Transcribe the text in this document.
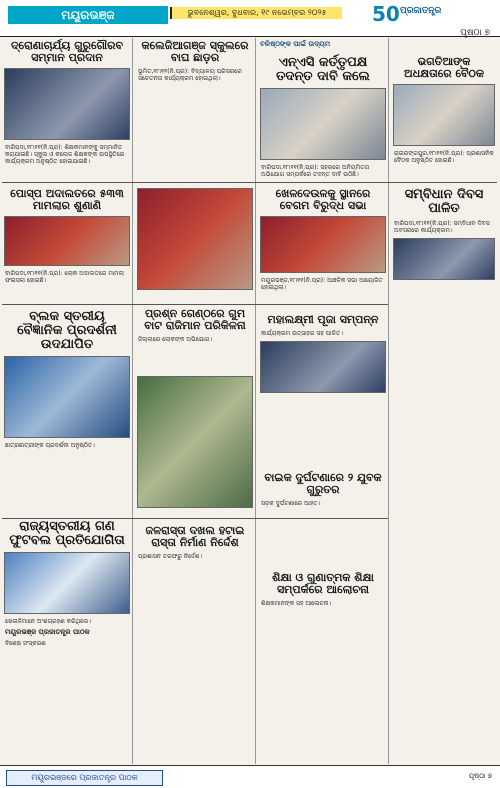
ମୟୂରଭଞ୍ଜ	ଭୁବନେଶ୍ୱର, ବୁଧବାର, ୧୯ ନଭେମ୍ବର ୨୦୨୫	50 ପ୍ରଜାତନ୍ତ୍ର
ପୃଷ୍ଠା ୭
ବରିଷ୍ଠଙ୍କ ପାଇଁ ଉଦ୍ୟମ
ଦ୍ରୋଣାଚାର୍ଯ୍ୟ ଗୁରୁଗୌରବ ସମ୍ମାନ ପ୍ରଦାନ
ବାରିପଦା,୧୮ା୧୧(ନି.ପ୍ର): ଶିକ୍ଷକମାନଙ୍କୁ ସମ୍ମାନିତ କରାଯାଇଛି। ସ୍କୁଲ ଓ କଲେଜ ଶିକ୍ଷକଙ୍କ ଉପସ୍ଥିତିରେ କାର୍ଯ୍ୟକ୍ରମ ଅନୁଷ୍ଠିତ ହୋଇଯାଇଛି।
ପୋସ୍‌ପ ଅଦାଲତରେ ୫୩୩ ମାମଲାର ଶୁଣାଣି
ବାରିପଦା,୧୮ା୧୧(ନି.ପ୍ର): ଲୋକ ଅଦାଲତରେ ମାମଲା ଫଇସଲା ହୋଇଛି।
ବ୍ଲକ ସ୍ତରୀୟ ବୈଜ୍ଞାନିକ ପ୍ରଦର୍ଶନୀ ଉଦଯାପିତ
ଛାତ୍ରଛାତ୍ରୀଙ୍କ ପ୍ରଦର୍ଶନୀ ଅନୁଷ୍ଠିତ।
ରାଜ୍ୟସ୍ତରୀୟ ଗଣ ଫୁଟବଲ ପ୍ରତିଯୋଗିତା
ଖେଳାଳିମାନେ ଅଂଶଗ୍ରହଣ କରିଥିଲେ।
ମୟୂରଭଞ୍ଜ ପ୍ରଜାତନ୍ତ୍ର ପାଠକ
ବିଶେଷ ସଂସ୍କରଣ
କଲେଜିଆଗଞ୍ଜ ସ୍କୁଲରେ ବାଘ ଛାଡ଼ର
ଭୂମିତ,୧୮ା୧୧(ନି.ପ୍ର): ବିଦ୍ୟାଳୟ ପରିସରରେ ସଚେତନତା କାର୍ଯ୍ୟକ୍ରମ ହୋଇଥିଲା।
ପ୍ରଶ୍ନ ଗେଣ୍ଠରେ ଗୁମ ବାଟ ରାଜିମାନ ପରିକିଳନା
ଜିଲ୍ଲାରେ ଲୋକଙ୍କ ଅଭିଯୋଗ।
ଜଳରାସ୍ତା ଦଖଲ ହଟାଇ ରାସ୍ତା ନିର୍ମାଣ ନିର୍ଦ୍ଦେଶ
ପ୍ରଶାସନ ତରଫରୁ ନିର୍ଦ୍ଦେଶ।
ଏନ୍ଏସି କର୍ତ୍ତୃପକ୍ଷ ତଦନ୍ତ ଦାବି କଲେ
ବାରିପଦା,୧୮ା୧୧(ନି.ପ୍ର): ସହରରେ ଅନିୟମିତତା ଅଭିଯୋଗ ସମ୍ପର୍କରେ ତଦନ୍ତ ଦାବି ଉଠିଛି।
ଖେଳଦେଉଳକୁ ସ୍ଥାନରେ ବେଗମ ବିରୁଦ୍ଧ ସଭା
ମୟୂରଭଞ୍ଜ,୧୮ା୧୧(ନି.ପ୍ର): ଆଞ୍ଚଳିକ ସଭା ଆୟୋଜିତ ହୋଇଥିଲା।
ମହାଲକ୍ଷ୍ମୀ ପୂଜା ସମ୍ପନ୍ନ
କାର୍ଯ୍ୟକ୍ରମ ଉତ୍ସାହର ସହ ପାଳିତ।
ବାଇକ ଦୁର୍ଘଟଣାରେ ୨ ଯୁବକ ଗୁରୁତର
ସଡ଼କ ଦୁର୍ଘଟଣାରେ ଆହତ।
ଶିକ୍ଷା ଓ ଗୁଣାତ୍ମକ ଶିକ୍ଷା ସମ୍ପର୍କରେ ଆଲୋଚନା
ଶିକ୍ଷକମାନଙ୍କ ସହ ଆଲୋଚନା।
ଭଗତିଆଙ୍କ ଅଧକ୍ଷତାରେ ବୈଠକ
ରାଇରଙ୍ଗପୁର,୧୮ା୧୧(ନି.ପ୍ର): ପ୍ରଶାସନିକ ବୈଠକ ଅନୁଷ୍ଠିତ ହୋଇଛି।
ସମ୍ବିଧାନ ଦିବସ ପାଳିତ
ବାରିପଦା,୧୮ା୧୧(ନି.ପ୍ର): ସମ୍ବିଧାନ ଦିବସ ଅବସରରେ କାର୍ଯ୍ୟକ୍ରମ।
ମୟୂରଭଞ୍ଜରେ ପ୍ରଜାତନ୍ତ୍ର ପାଠକ	ପୃଷ୍ଠା ୭
